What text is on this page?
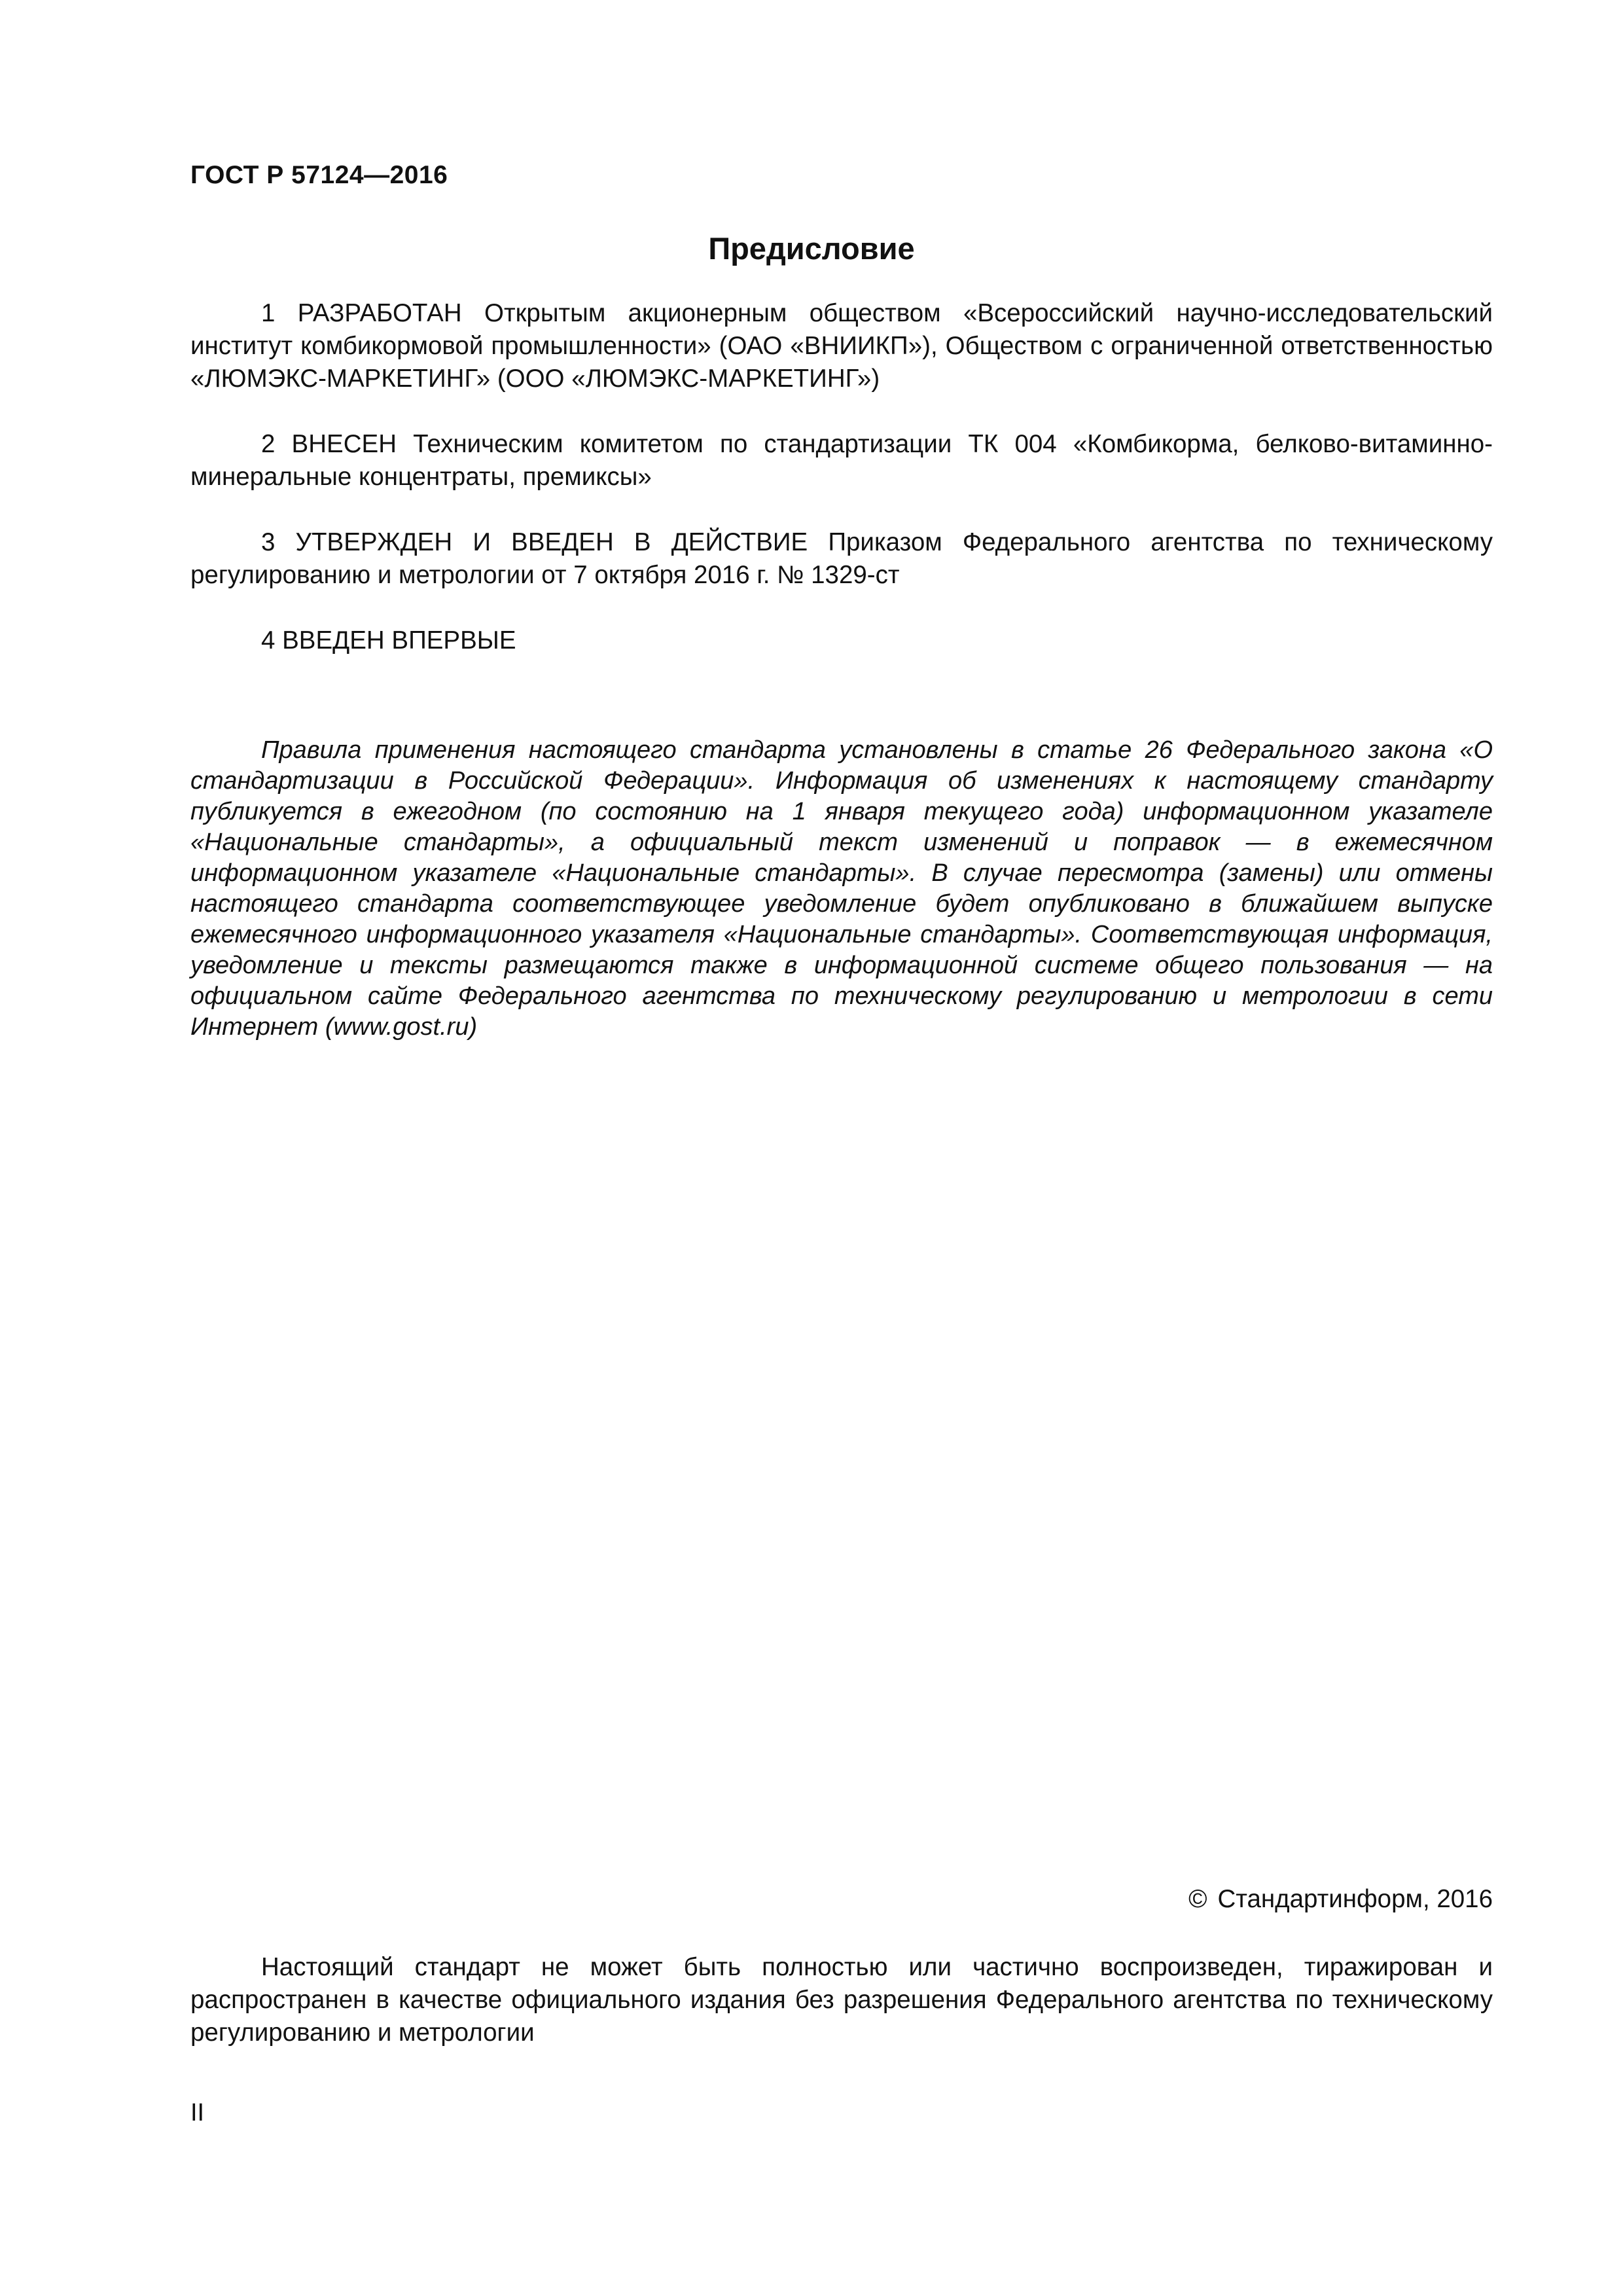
ГОСТ Р 57124—2016

Предисловие

1 РАЗРАБОТАН Открытым акционерным обществом «Всероссийский научно-исследовательский институт комбикормовой промышленности» (ОАО «ВНИИКП»), Обществом с ограниченной ответственностью «ЛЮМЭКС-МАРКЕТИНГ» (ООО «ЛЮМЭКС-МАРКЕТИНГ»)

2 ВНЕСЕН Техническим комитетом по стандартизации ТК 004 «Комбикорма, белково-витаминно-минеральные концентраты, премиксы»

3 УТВЕРЖДЕН И ВВЕДЕН В ДЕЙСТВИЕ Приказом Федерального агентства по техническому регулированию и метрологии от 7 октября 2016 г. № 1329-ст

4 ВВЕДЕН ВПЕРВЫЕ

Правила применения настоящего стандарта установлены в статье 26 Федерального закона «О стандартизации в Российской Федерации». Информация об изменениях к настоящему стандарту публикуется в ежегодном (по состоянию на 1 января текущего года) информационном указателе «Национальные стандарты», а официальный текст изменений и поправок — в ежемесячном информационном указателе «Национальные стандарты». В случае пересмотра (замены) или отмены настоящего стандарта соответствующее уведомление будет опубликовано в ближайшем выпуске ежемесячного информационного указателя «Национальные стандарты». Соответствующая информация, уведомление и тексты размещаются также в информационной системе общего пользования — на официальном сайте Федерального агентства по техническому регулированию и метрологии в сети Интернет (www.gost.ru)

© Стандартинформ, 2016

Настоящий стандарт не может быть полностью или частично воспроизведен, тиражирован и распространен в качестве официального издания без разрешения Федерального агентства по техническому регулированию и метрологии

II
